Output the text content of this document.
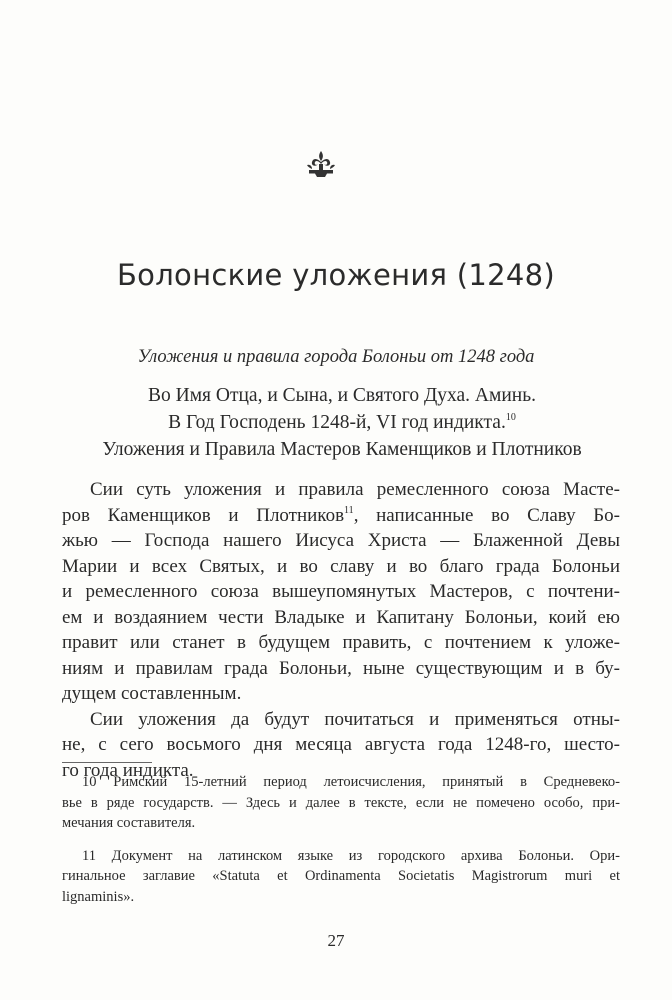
Болонские уложения (1248)
Уложения и правила города Болоньи от 1248 года
Во Имя Отца, и Сына, и Святого Духа. Аминь.
В Год Господень 1248-й, VI год индикта.$^{10}$
Уложения и Правила Мастеров Каменщиков и Плотников
Сии суть уложения и правила ремесленного союза Масте-
ров Каменщиков и Плотников$^{11}$, написанные во Славу Бо-
жью — Господа нашего Иисуса Христа — Блаженной Девы
Марии и всех Святых, и во славу и во благо града Болоньи
и ремесленного союза вышеупомянутых Мастеров, с почтени-
ем и воздаянием чести Владыке и Капитану Болоньи, коий ею
правит или станет в будущем править, с почтением к уложе-
ниям и правилам града Болоньи, ныне существующим и в бу-
дущем составленным.
Сии уложения да будут почитаться и применяться отны-
не, с сего восьмого дня месяца августа года 1248-го, шесто-
го года индикта.
10 Римский 15-летний период летоисчисления, принятый в Средневеко-
вье в ряде государств. — Здесь и далее в тексте, если не помечено особо, при-
мечания составителя.
11 Документ на латинском языке из городского архива Болоньи. Ори-
гинальное заглавие «Statuta et Ordinamenta Societatis Magistrorum muri et
lignaminis».
27
